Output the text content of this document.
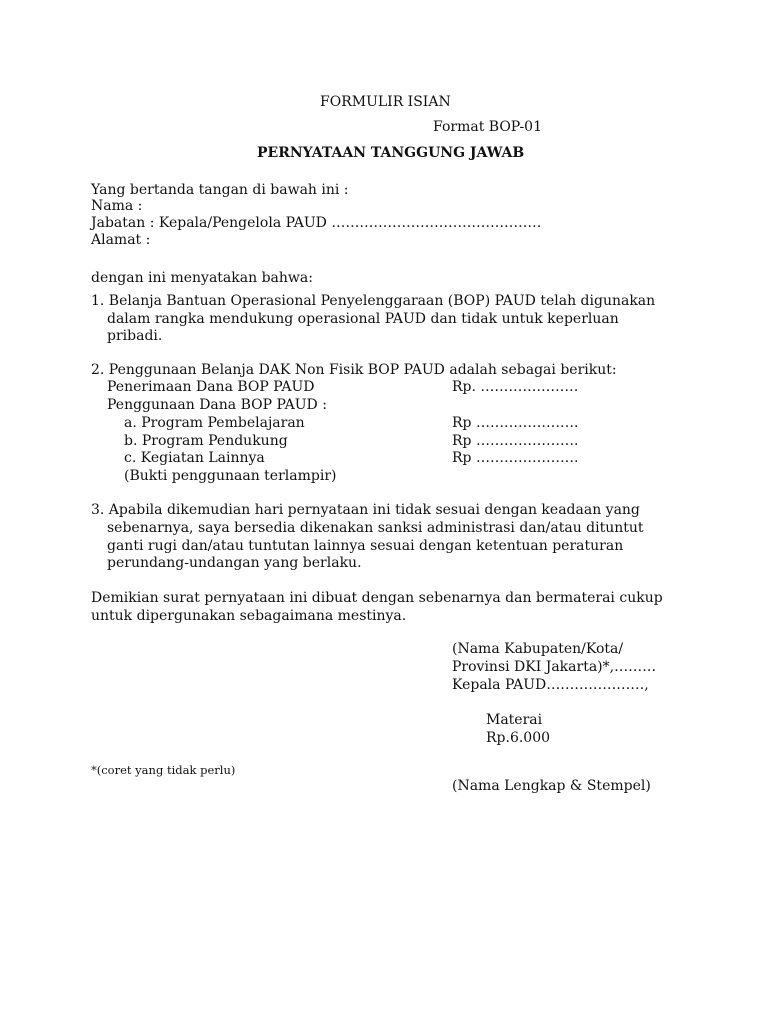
FORMULIR ISIAN
Format BOP-01
PERNYATAAN TANGGUNG JAWAB
Yang bertanda tangan di bawah ini :
Nama :
Jabatan : Kepala/Pengelola PAUD ………………………………………
Alamat :
dengan ini menyatakan bahwa:
1. Belanja Bantuan Operasional Penyelenggaraan (BOP) PAUD telah digunakan
dalam rangka mendukung operasional PAUD dan tidak untuk keperluan
pribadi.
2. Penggunaan Belanja DAK Non Fisik BOP PAUD adalah sebagai berikut:
Penerimaan Dana BOP PAUD	Rp. …………………
Penggunaan Dana BOP PAUD :
a. Program Pembelajaran	Rp ………………….
b. Program Pendukung	Rp ………………….
c. Kegiatan Lainnya	Rp ………………….
(Bukti penggunaan terlampir)
3. Apabila dikemudian hari pernyataan ini tidak sesuai dengan keadaan yang
sebenarnya, saya bersedia dikenakan sanksi administrasi dan/atau dituntut
ganti rugi dan/atau tuntutan lainnya sesuai dengan ketentuan peraturan
perundang-undangan yang berlaku.
Demikian surat pernyataan ini dibuat dengan sebenarnya dan bermaterai cukup
untuk dipergunakan sebagaimana mestinya.
(Nama Kabupaten/Kota/
Provinsi DKI Jakarta)*,………
Kepala PAUD…………………,
Materai
Rp.6.000
(Nama Lengkap & Stempel)
*(coret yang tidak perlu)
